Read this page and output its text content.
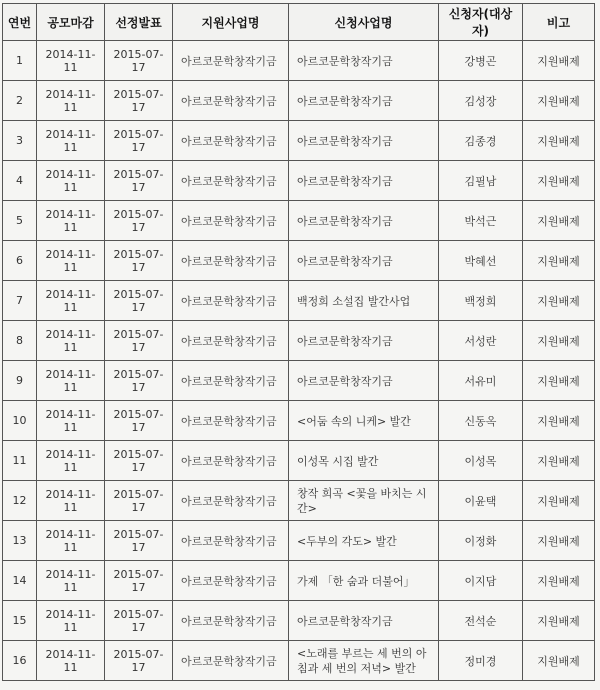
연번	공모마감	선정발표	지원사업명	신청사업명	신청자(대상자)	비고
1	2014-11-11	2015-07-17	아르코문학창작기금	아르코문학창작기금	강병곤	지원배제
2	2014-11-11	2015-07-17	아르코문학창작기금	아르코문학창작기금	김성장	지원배제
3	2014-11-11	2015-07-17	아르코문학창작기금	아르코문학창작기금	김종경	지원배제
4	2014-11-11	2015-07-17	아르코문학창작기금	아르코문학창작기금	김필남	지원배제
5	2014-11-11	2015-07-17	아르코문학창작기금	아르코문학창작기금	박석근	지원배제
6	2014-11-11	2015-07-17	아르코문학창작기금	아르코문학창작기금	박혜선	지원배제
7	2014-11-11	2015-07-17	아르코문학창작기금	백정희 소설집 발간사업	백정희	지원배제
8	2014-11-11	2015-07-17	아르코문학창작기금	아르코문학창작기금	서성란	지원배제
9	2014-11-11	2015-07-17	아르코문학창작기금	아르코문학창작기금	서유미	지원배제
10	2014-11-11	2015-07-17	아르코문학창작기금	<어둠 속의 니케> 발간	신동옥	지원배제
11	2014-11-11	2015-07-17	아르코문학창작기금	이성목 시집 발간	이성목	지원배제
12	2014-11-11	2015-07-17	아르코문학창작기금	창작 희곡 <꽃을 바치는 시간>	이윤택	지원배제
13	2014-11-11	2015-07-17	아르코문학창작기금	<두부의 각도> 발간	이정화	지원배제
14	2014-11-11	2015-07-17	아르코문학창작기금	가제 「한 숨과 더불어」	이지담	지원배제
15	2014-11-11	2015-07-17	아르코문학창작기금	아르코문학창작기금	전석순	지원배제
16	2014-11-11	2015-07-17	아르코문학창작기금	<노래를 부르는 세 번의 아침과 세 번의 저녁> 발간	정미경	지원배제
